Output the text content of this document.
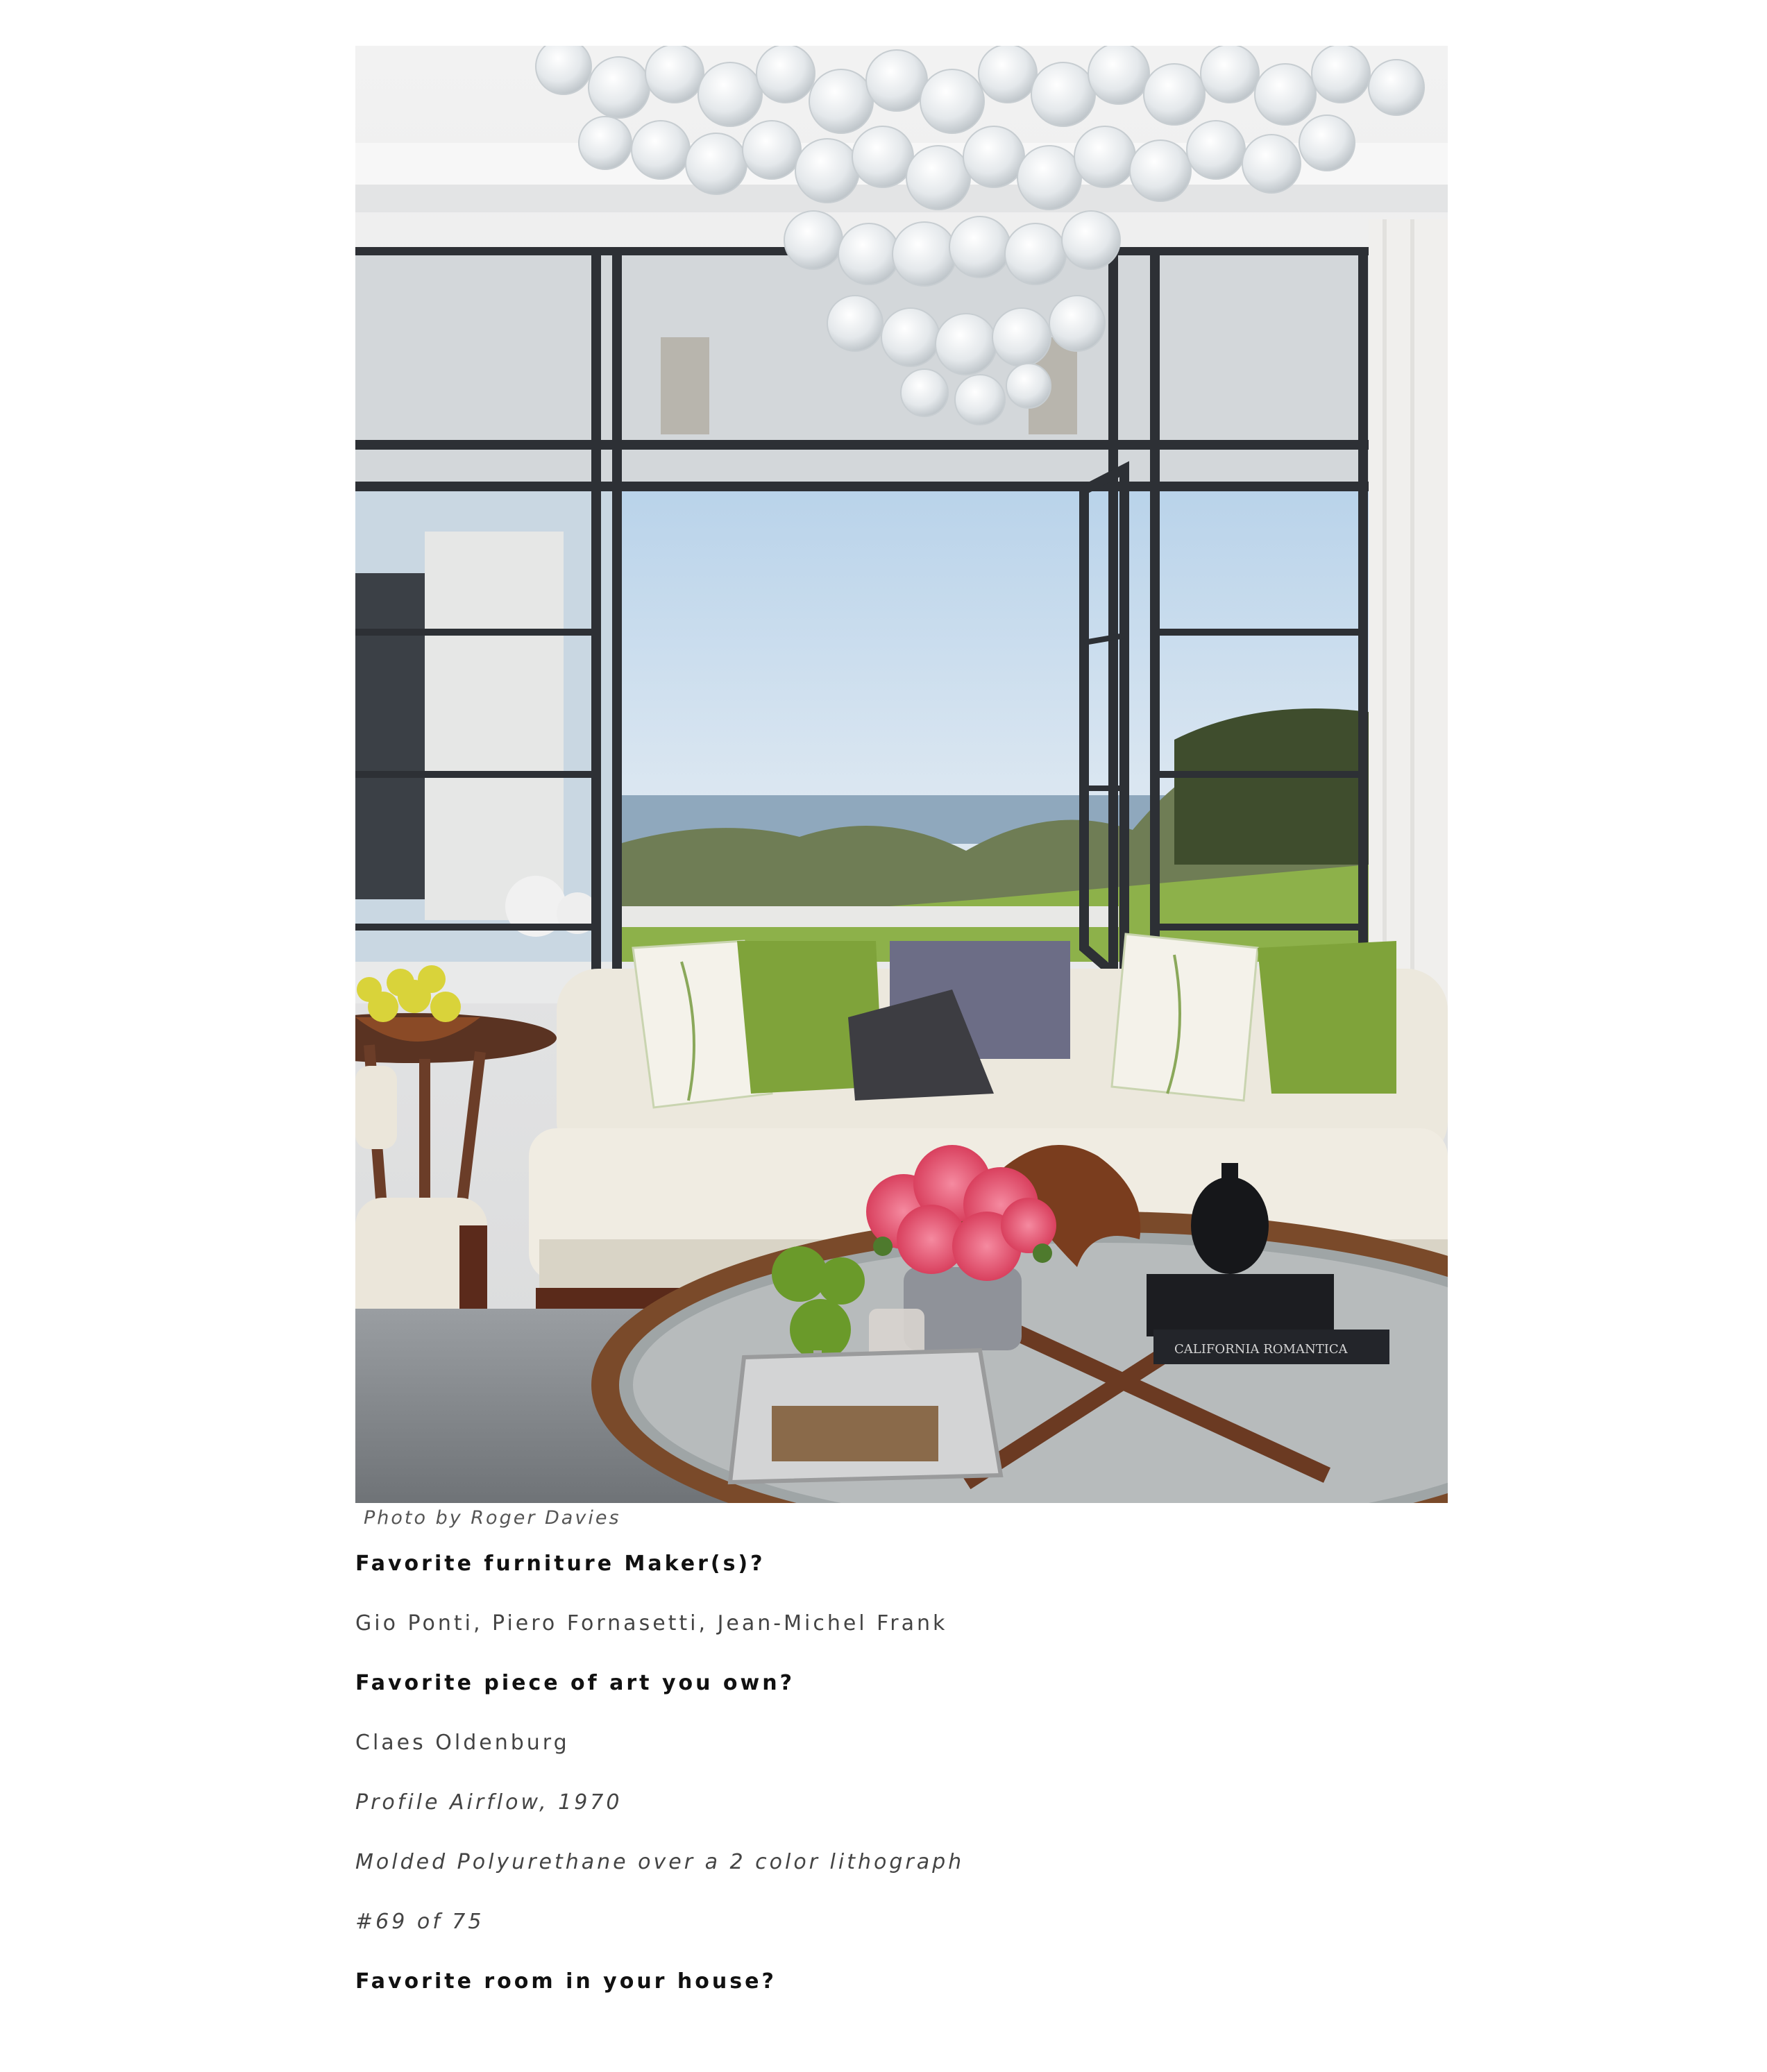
CALIFORNIA ROMANTICA
Photo by Roger Davies
Favorite furniture Maker(s)?
Gio Ponti, Piero Fornasetti, Jean-Michel Frank
Favorite piece of art you own?
Claes Oldenburg
Profile Airflow, 1970
Molded Polyurethane over a 2 color lithograph
#69 of 75
Favorite room in your house?
